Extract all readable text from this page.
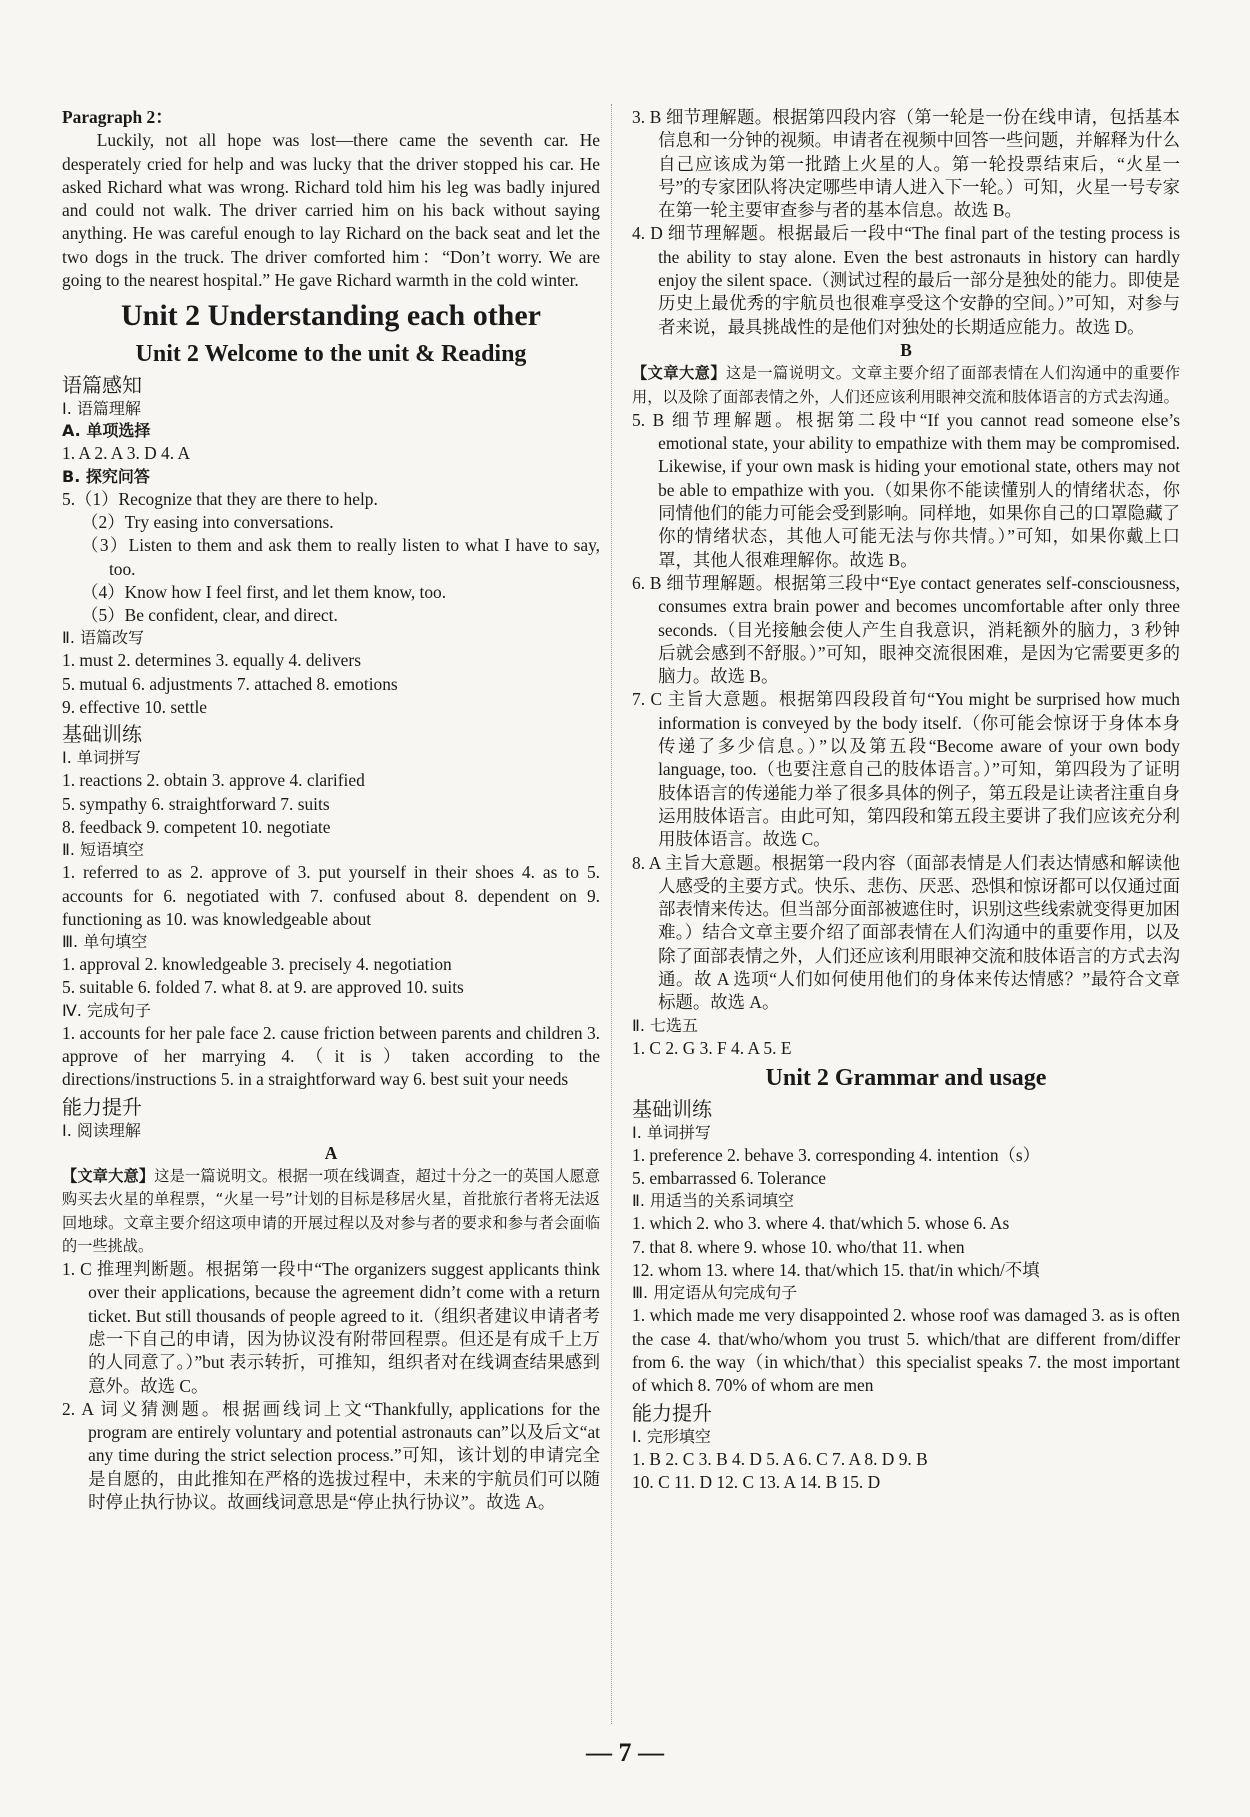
Paragraph 2：

Luckily, not all hope was lost—there came the seventh car. He desperately cried for help and was lucky that the driver stopped his car. He asked Richard what was wrong. Richard told him his leg was badly injured and could not walk. The driver carried him on his back without saying anything. He was careful enough to lay Richard on the back seat and let the two dogs in the truck. The driver comforted him：“Don’t worry. We are going to the nearest hospital.” He gave Richard warmth in the cold winter.

Unit 2 Understanding each other
Unit 2 Welcome to the unit & Reading
语篇感知
Ⅰ. 语篇理解
A. 单项选择

1. A 2. A 3. D 4. A

B. 探究问答

5.（1）Recognize that they are there to help.

（2）Try easing into conversations.

（3）Listen to them and ask them to really listen to what I have to say, too.

（4）Know how I feel first, and let them know, too.

（5）Be confident, clear, and direct.

Ⅱ. 语篇改写

1. must 2. determines 3. equally 4. delivers

5. mutual 6. adjustments 7. attached 8. emotions

9. effective 10. settle

基础训练
Ⅰ. 单词拼写

1. reactions 2. obtain 3. approve 4. clarified

5. sympathy 6. straightforward 7. suits

8. feedback 9. competent 10. negotiate

Ⅱ. 短语填空

1. referred to as 2. approve of 3. put yourself in their shoes 4. as to 5. accounts for 6. negotiated with 7. confused about 8. dependent on 9. functioning as 10. was knowledgeable about

Ⅲ. 单句填空

1. approval 2. knowledgeable 3. precisely 4. negotiation

5. suitable 6. folded 7. what 8. at 9. are approved 10. suits

Ⅳ. 完成句子

1. accounts for her pale face 2. cause friction between parents and children 3. approve of her marrying 4.（it is）taken according to the directions/instructions 5. in a straightforward way 6. best suit your needs

能力提升
Ⅰ. 阅读理解

A

【文章大意】这是一篇说明文。根据一项在线调查，超过十分之一的英国人愿意购买去火星的单程票，“火星一号”计划的目标是移居火星，首批旅行者将无法返回地球。文章主要介绍这项申请的开展过程以及对参与者的要求和参与者会面临的一些挑战。

1. C 推理判断题。根据第一段中“The organizers suggest applicants think over their applications, because the agreement didn’t come with a return ticket. But still thousands of people agreed to it.（组织者建议申请者考虑一下自己的申请，因为协议没有附带回程票。但还是有成千上万的人同意了。）”but 表示转折，可推知，组织者对在线调查结果感到意外。故选 C。

2. A 词义猜测题。根据画线词上文“Thankfully, applications for the program are entirely voluntary and potential astronauts can”以及后文“at any time during the strict selection process.”可知，该计划的申请完全是自愿的，由此推知在严格的选拔过程中，未来的宇航员们可以随时停止执行协议。故画线词意思是“停止执行协议”。故选 A。

3. B 细节理解题。根据第四段内容（第一轮是一份在线申请，包括基本信息和一分钟的视频。申请者在视频中回答一些问题，并解释为什么自己应该成为第一批踏上火星的人。第一轮投票结束后，“火星一号”的专家团队将决定哪些申请人进入下一轮。）可知，火星一号专家在第一轮主要审查参与者的基本信息。故选 B。

4. D 细节理解题。根据最后一段中“The final part of the testing process is the ability to stay alone. Even the best astronauts in history can hardly enjoy the silent space.（测试过程的最后一部分是独处的能力。即使是历史上最优秀的宇航员也很难享受这个安静的空间。）”可知，对参与者来说，最具挑战性的是他们对独处的长期适应能力。故选 D。

B

【文章大意】这是一篇说明文。文章主要介绍了面部表情在人们沟通中的重要作用，以及除了面部表情之外，人们还应该利用眼神交流和肢体语言的方式去沟通。

5. B 细节理解题。根据第二段中“If you cannot read someone else’s emotional state, your ability to empathize with them may be compromised. Likewise, if your own mask is hiding your emotional state, others may not be able to empathize with you.（如果你不能读懂别人的情绪状态，你同情他们的能力可能会受到影响。同样地，如果你自己的口罩隐藏了你的情绪状态，其他人可能无法与你共情。）”可知，如果你戴上口罩，其他人很难理解你。故选 B。

6. B 细节理解题。根据第三段中“Eye contact generates self-consciousness, consumes extra brain power and becomes uncomfortable after only three seconds.（目光接触会使人产生自我意识，消耗额外的脑力，3 秒钟后就会感到不舒服。）”可知，眼神交流很困难，是因为它需要更多的脑力。故选 B。

7. C 主旨大意题。根据第四段段首句“You might be surprised how much information is conveyed by the body itself.（你可能会惊讶于身体本身传递了多少信息。）”以及第五段“Become aware of your own body language, too.（也要注意自己的肢体语言。）”可知，第四段为了证明肢体语言的传递能力举了很多具体的例子，第五段是让读者注重自身运用肢体语言。由此可知，第四段和第五段主要讲了我们应该充分利用肢体语言。故选 C。

8. A 主旨大意题。根据第一段内容（面部表情是人们表达情感和解读他人感受的主要方式。快乐、悲伤、厌恶、恐惧和惊讶都可以仅通过面部表情来传达。但当部分面部被遮住时，识别这些线索就变得更加困难。）结合文章主要介绍了面部表情在人们沟通中的重要作用，以及除了面部表情之外，人们还应该利用眼神交流和肢体语言的方式去沟通。故 A 选项“人们如何使用他们的身体来传达情感？”最符合文章标题。故选 A。

Ⅱ. 七选五

1. C 2. G 3. F 4. A 5. E

Unit 2 Grammar and usage
基础训练
Ⅰ. 单词拼写

1. preference 2. behave 3. corresponding 4. intention（s）

5. embarrassed 6. Tolerance

Ⅱ. 用适当的关系词填空

1. which 2. who 3. where 4. that/which 5. whose 6. As

7. that 8. where 9. whose 10. who/that 11. when

12. whom 13. where 14. that/which 15. that/in which/不填

Ⅲ. 用定语从句完成句子

1. which made me very disappointed 2. whose roof was damaged 3. as is often the case 4. that/who/whom you trust 5. which/that are different from/differ from 6. the way（in which/that）this specialist speaks 7. the most important of which 8. 70% of whom are men

能力提升
Ⅰ. 完形填空

1. B 2. C 3. B 4. D 5. A 6. C 7. A 8. D 9. B

10. C 11. D 12. C 13. A 14. B 15. D

— 7 —
